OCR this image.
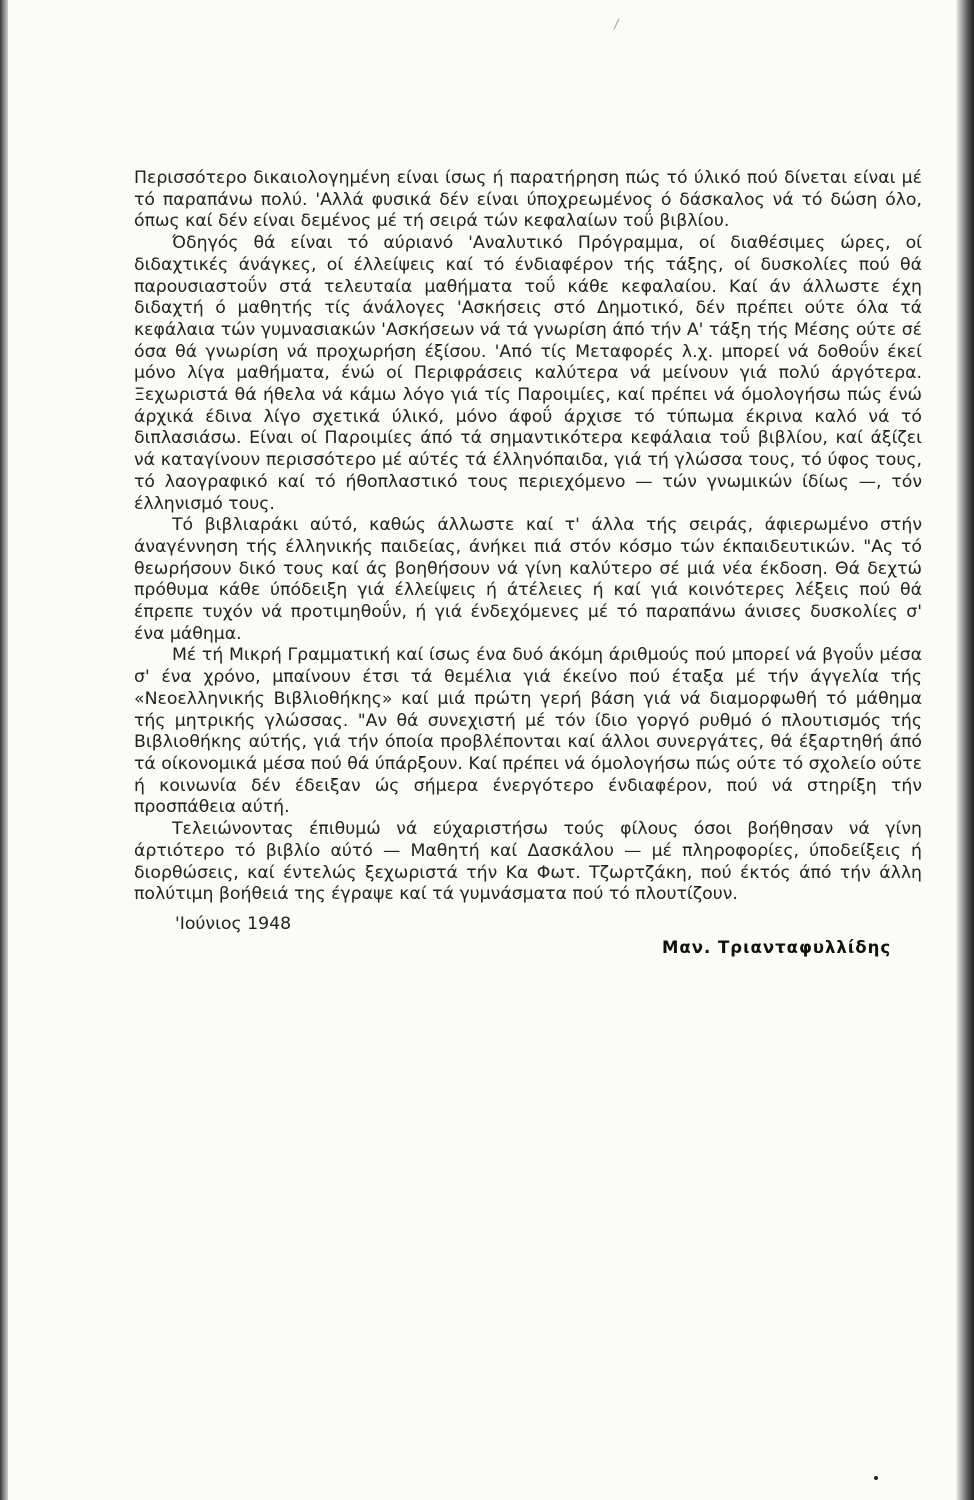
Περισσότερο δικαιολογημένη είναι ίσως ή παρατήρηση πώς τό ύλικό πού δίνεται είναι μέ τό παραπάνω πολύ. 'Αλλά φυσικά δέν είναι ύποχρεωμένος ό δάσκαλος νά τό δώση όλο, όπως καί δέν είναι δεμένος μέ τή σειρά τών κεφαλαίων τοΰ βιβλίου.

Όδηγός θά είναι τό αύριανό 'Αναλυτικό Πρόγραμμα, οί διαθέσιμες ώρες, οί διδαχτικές άνάγκες, οί έλλείψεις καί τό ένδιαφέρον τής τάξης, οί δυσκολίες πού θά παρουσιαστοΰν στά τελευταία μαθήματα τοΰ κάθε κεφαλαίου. Καί άν άλλωστε έχη διδαχτή ό μαθητής τίς άνάλογες 'Ασκήσεις στό Δημοτικό, δέν πρέπει ούτε όλα τά κεφάλαια τών γυμνασιακών 'Ασκήσεων νά τά γνωρίση άπό τήν Α' τάξη τής Μέσης ούτε σέ όσα θά γνωρίση νά προχωρήση έξίσου. 'Από τίς Μεταφορές λ.χ. μπορεί νά δοθοΰν έκεί μόνο λίγα μαθήματα, ένώ οί Περιφράσεις καλύτερα νά μείνουν γιά πολύ άργότερα. Ξεχωριστά θά ήθελα νά κάμω λόγο γιά τίς Παροιμίες, καί πρέπει νά όμολογήσω πώς ένώ άρχικά έδινα λίγο σχετικά ύλικό, μόνο άφοΰ άρχισε τό τύπωμα έκρινα καλό νά τό διπλασιάσω. Είναι οί Παροιμίες άπό τά σημαντικότερα κεφάλαια τοΰ βιβλίου, καί άξίζει νά καταγίνουν περισσότερο μέ αύτές τά έλληνόπαιδα, γιά τή γλώσσα τους, τό ύφος τους, τό λαογραφικό καί τό ήθοπλαστικό τους περιεχόμενο — τών γνωμικών ίδίως —, τόν έλληνισμό τους.

Τό βιβλιαράκι αύτό, καθώς άλλωστε καί τ' άλλα τής σειράς, άφιερωμένο στήν άναγέννηση τής έλληνικής παιδείας, άνήκει πιά στόν κόσμο τών έκπαιδευτικών. "Ας τό θεωρήσουν δικό τους καί άς βοηθήσουν νά γίνη καλύτερο σέ μιά νέα έκδοση. Θά δεχτώ πρόθυμα κάθε ύπόδειξη γιά έλλείψεις ή άτέλειες ή καί γιά κοινότερες λέξεις πού θά έπρεπε τυχόν νά προτιμηθοΰν, ή γιά ένδεχόμενες μέ τό παραπάνω άνισες δυσκολίες σ' ένα μάθημα.

Μέ τή Μικρή Γραμματική καί ίσως ένα δυό άκόμη άριθμούς πού μπορεί νά βγοΰν μέσα σ' ένα χρόνο, μπαίνουν έτσι τά θεμέλια γιά έκείνο πού έταξα μέ τήν άγγελία τής «Νεοελληνικής Βιβλιοθήκης» καί μιά πρώτη γερή βάση γιά νά διαμορφωθή τό μάθημα τής μητρικής γλώσσας. "Αν θά συνεχιστή μέ τόν ίδιο γοργό ρυθμό ό πλουτισμός τής Βιβλιοθήκης αύτής, γιά τήν όποία προβλέπονται καί άλλοι συνεργάτες, θά έξαρτηθή άπό τά οίκονομικά μέσα πού θά ύπάρξουν. Καί πρέπει νά όμολογήσω πώς ούτε τό σχολείο ούτε ή κοινωνία δέν έδειξαν ώς σήμερα ένεργότερο ένδιαφέρον, πού νά στηρίξη τήν προσπάθεια αύτή.

Τελειώνοντας έπιθυμώ νά εύχαριστήσω τούς φίλους όσοι βοήθησαν νά γίνη άρτιότερο τό βιβλίο αύτό — Μαθητή καί Δασκάλου — μέ πληροφορίες, ύποδείξεις ή διορθώσεις, καί έντελώς ξεχωριστά τήν Κα Φωτ. Τζωρτζάκη, πού έκτός άπό τήν άλλη πολύτιμη βοήθειά της έγραψε καί τά γυμνάσματα πού τό πλουτίζουν.

'Ιούνιος 1948
Μαν. Τριανταφυλλίδης
